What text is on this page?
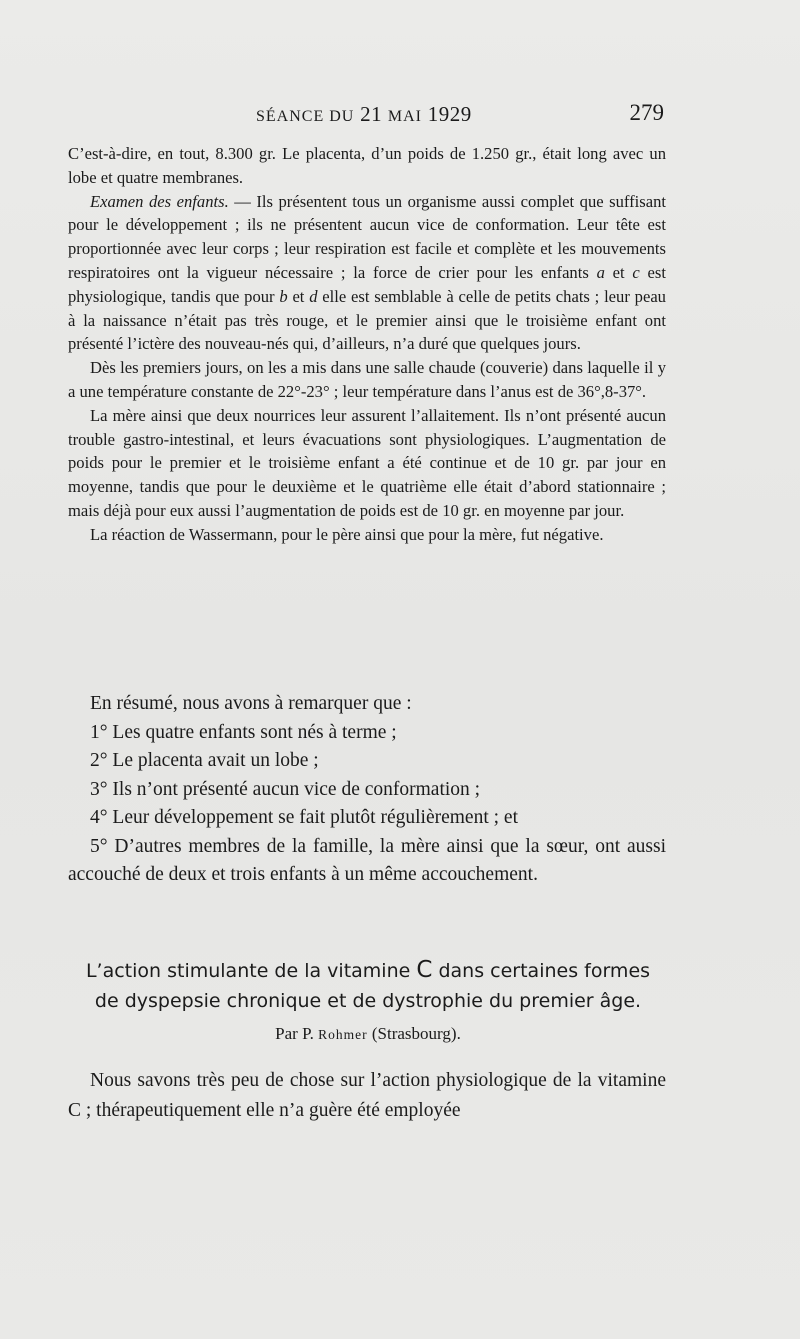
SÉANCE DU 21 MAI 1929	279

C’est-à-dire, en tout, 8.300 gr. Le placenta, d’un poids de 1.250 gr., était long avec un lobe et quatre membranes.

Examen des enfants. — Ils présentent tous un organisme aussi complet que suffisant pour le développement ; ils ne présentent aucun vice de conformation. Leur tête est proportionnée avec leur corps ; leur respiration est facile et complète et les mouvements respiratoires ont la vigueur nécessaire ; la force de crier pour les enfants a et c est physiologique, tandis que pour b et d elle est semblable à celle de petits chats ; leur peau à la naissance n’était pas très rouge, et le premier ainsi que le troisième enfant ont présenté l’ictère des nouveau-nés qui, d’ailleurs, n’a duré que quelques jours.

Dès les premiers jours, on les a mis dans une salle chaude (couverie) dans laquelle il y a une température constante de 22°-23° ; leur température dans l’anus est de 36°,8-37°.

La mère ainsi que deux nourrices leur assurent l’allaitement. Ils n’ont présenté aucun trouble gastro-intestinal, et leurs évacuations sont physiologiques. L’augmentation de poids pour le premier et le troisième enfant a été continue et de 10 gr. par jour en moyenne, tandis que pour le deuxième et le quatrième elle était d’abord stationnaire ; mais déjà pour eux aussi l’augmentation de poids est de 10 gr. en moyenne par jour.

La réaction de Wassermann, pour le père ainsi que pour la mère, fut négative.

En résumé, nous avons à remarquer que :

1° Les quatre enfants sont nés à terme ;

2° Le placenta avait un lobe ;

3° Ils n’ont présenté aucun vice de conformation ;

4° Leur développement se fait plutôt régulièrement ; et

5° D’autres membres de la famille, la mère ainsi que la sœur, ont aussi accouché de deux et trois enfants à un même accouchement.

L’action stimulante de la vitamine C dans certaines formes
de dyspepsie chronique et de dystrophie du premier âge.
Par P. Rohmer (Strasbourg).

Nous savons très peu de chose sur l’action physiologique de la vitamine C ; thérapeutiquement elle n’a guère été employée
